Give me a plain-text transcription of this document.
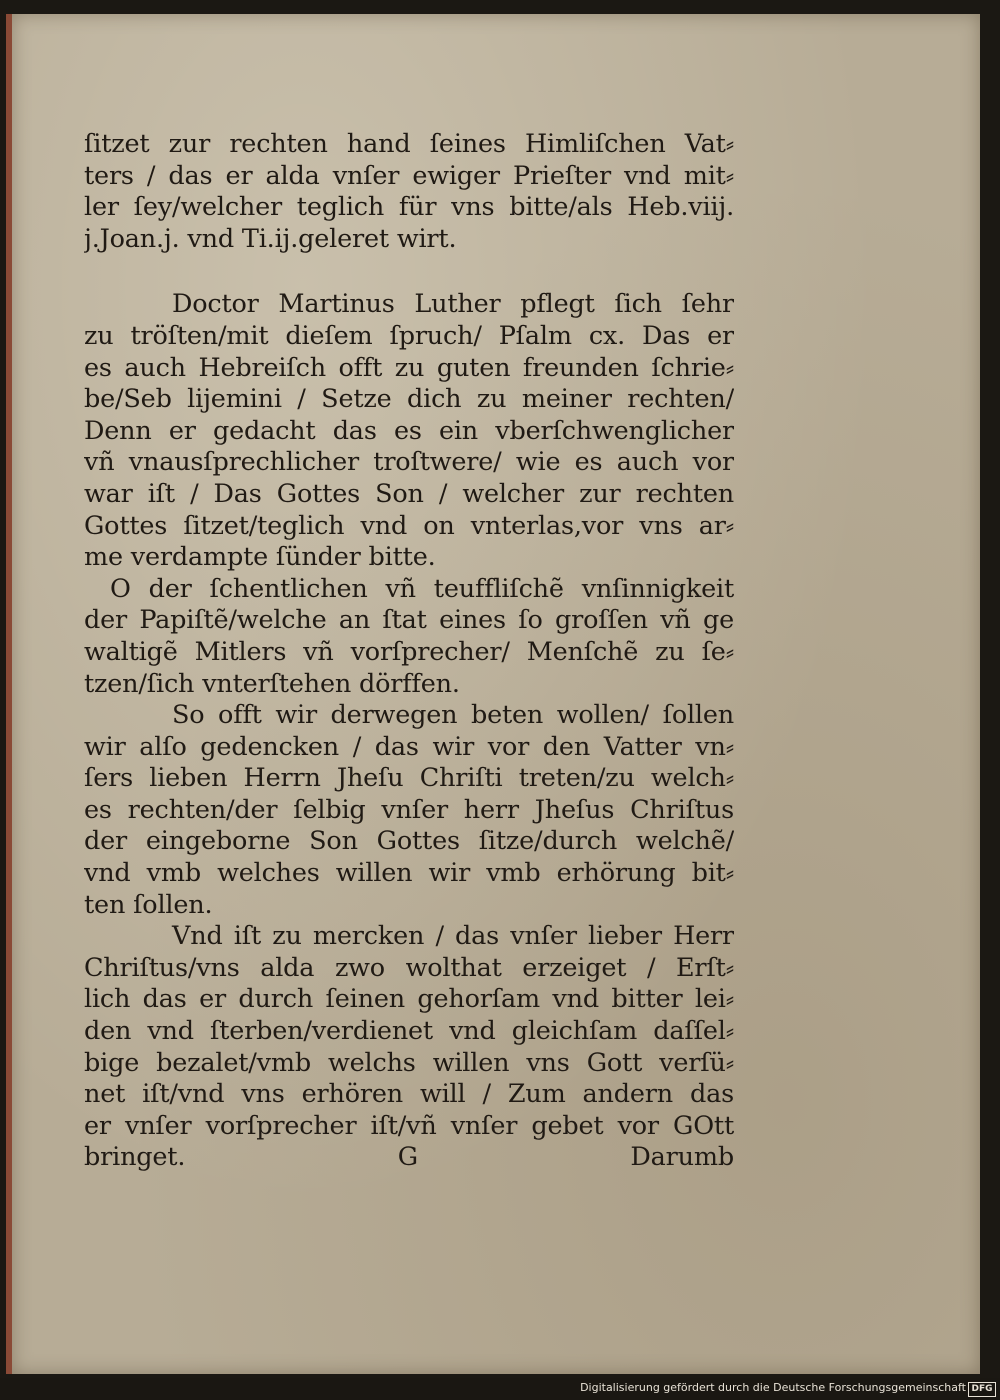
ſitzet zur rechten hand ſeines Himliſchen Vat⸗
ters / das er alda vnſer ewiger Prieſter vnd mit⸗
ler ſey/welcher teglich für vns bitte/als Heb.viij.
j.Joan.j. vnd Ti.ij.geleret wirt.
Doctor Martinus Luther pflegt ſich ſehr
zu tröſten/mit dieſem ſpruch/ Pſalm cx. Das er
es auch Hebreiſch offt zu guten freunden ſchrie⸗
be/Seb lijemini / Setze dich zu meiner rechten/
Denn er gedacht das es ein vberſchwenglicher
vñ vnausſprechlicher troſtwere/ wie es auch vor
war iſt / Das Gottes Son / welcher zur rechten
Gottes ſitzet/teglich vnd on vnterlas,vor vns ar⸗
me verdampte ſünder bitte.
O der ſchentlichen vñ teuffliſchẽ vnſinnigkeit
der Papiſtẽ/welche an ſtat eines ſo groſſen vñ ge
waltigẽ Mitlers vñ vorſprecher/ Menſchẽ zu ſe⸗
tzen/ſich vnterſtehen dörffen.
So offt wir derwegen beten wollen/ ſollen
wir alſo gedencken / das wir vor den Vatter vn⸗
ſers lieben Herrn Jheſu Chriſti treten/zu welch⸗
es rechten/der ſelbig vnſer herr Jheſus Chriſtus
der eingeborne Son Gottes ſitze/durch welchẽ/
vnd vmb welches willen wir vmb erhörung bit⸗
ten ſollen.
Vnd iſt zu mercken / das vnſer lieber Herr
Chriſtus/vns alda zwo wolthat erzeiget / Erſt⸗
lich das er durch ſeinen gehorſam vnd bitter lei⸗
den vnd ſterben/verdienet vnd gleichſam daſſel⸗
bige bezalet/vmb welchs willen vns Gott verſü⸗
net iſt/vnd vns erhören will / Zum andern das
er vnſer vorſprecher iſt/vñ vnſer gebet vor GOtt
bringet.	G	Darumb
Digitalisierung gefördert durch die Deutsche Forschungsgemeinschaft DFG
